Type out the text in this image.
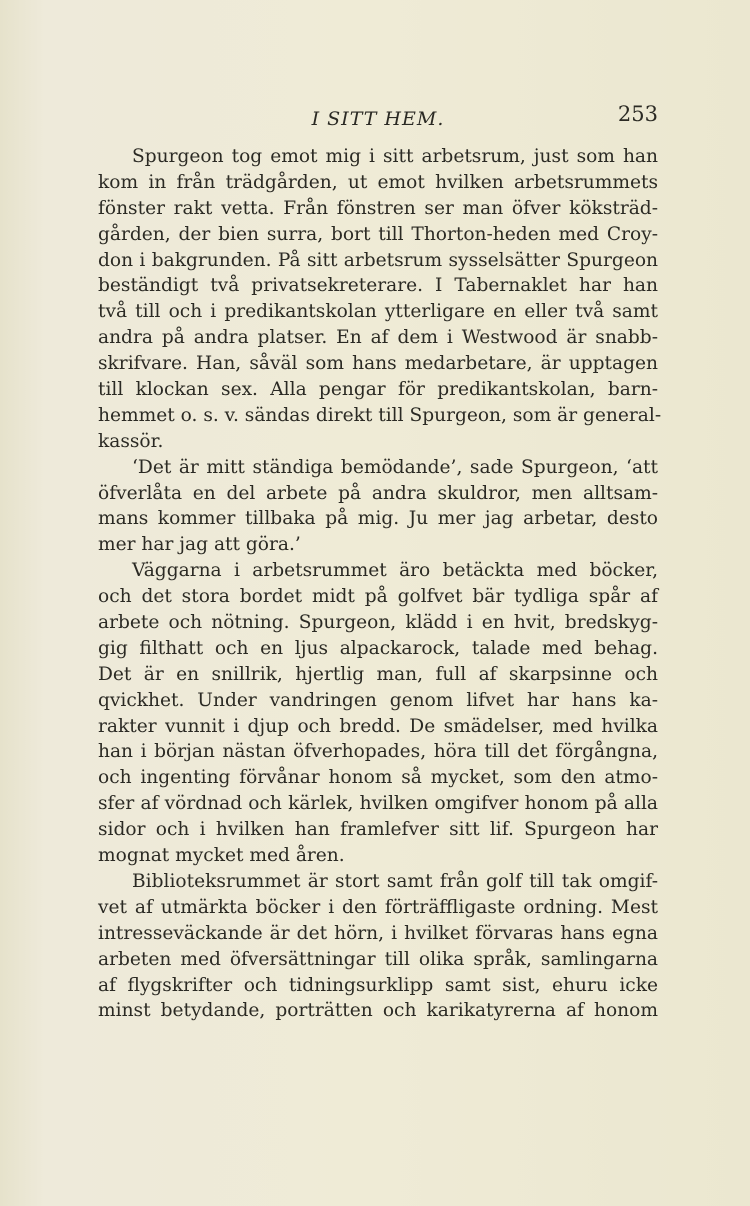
I SITT HEM.	253
Spurgeon tog emot mig i sitt arbetsrum, just som han
kom in från trädgården, ut emot hvilken arbetsrummets
fönster rakt vetta. Från fönstren ser man öfver köksträd-
gården, der bien surra, bort till Thorton-heden med Croy-
don i bakgrunden. På sitt arbetsrum sysselsätter Spurgeon
beständigt två privatsekreterare. I Tabernaklet har han
två till och i predikantskolan ytterligare en eller två samt
andra på andra platser. En af dem i Westwood är snabb-
skrifvare. Han, såväl som hans medarbetare, är upptаgen
till klockan sex. Alla pengar för predikantskolan, barn-
hemmet o. s. v. sändas direkt till Spurgeon, som är general-
kassör.
‘Det är mitt ständiga bemödande’, sade Spurgeon, ‘att
öfverlåta en del arbete på andra skuldror, men alltsam-
mans kommer tillbaka på mig. Ju mer jag arbetar, desto
mer har jag att göra.’
Väggarna i arbetsrummet äro betäckta med böcker,
och det stora bordet midt på golfvet bär tydliga spår af
arbete och nötning. Spurgeon, klädd i en hvit, bredskyg-
gig filthatt och en ljus alpackarock, talade med behag.
Det är en snillrik, hjertlig man, full af skarpsinne och
qvickhet. Under vandringen genom lifvet har hans ka-
rakter vunnit i djup och bredd. De smädelser, med hvilka
han i början nästan öfverhopades, höra till det förgångna,
och ingenting förvånar honom så mycket, som den atmo-
sfer af vördnad och kärlek, hvilken omgifver honom på alla
sidor och i hvilken han framlefver sitt lif. Spurgeon har
mognat mycket med åren.
Biblioteksrummet är stort samt från golf till tak omgif-
vet af utmärkta böcker i den förträffligaste ordning. Mest
intresseväckande är det hörn, i hvilket förvaras hans egna
arbeten med öfversättningar till olika språk, samlingarna
af flygskrifter och tidningsurklipp samt sist, ehuru icke
minst betydande, porträtten och karikatyrerna af honom
